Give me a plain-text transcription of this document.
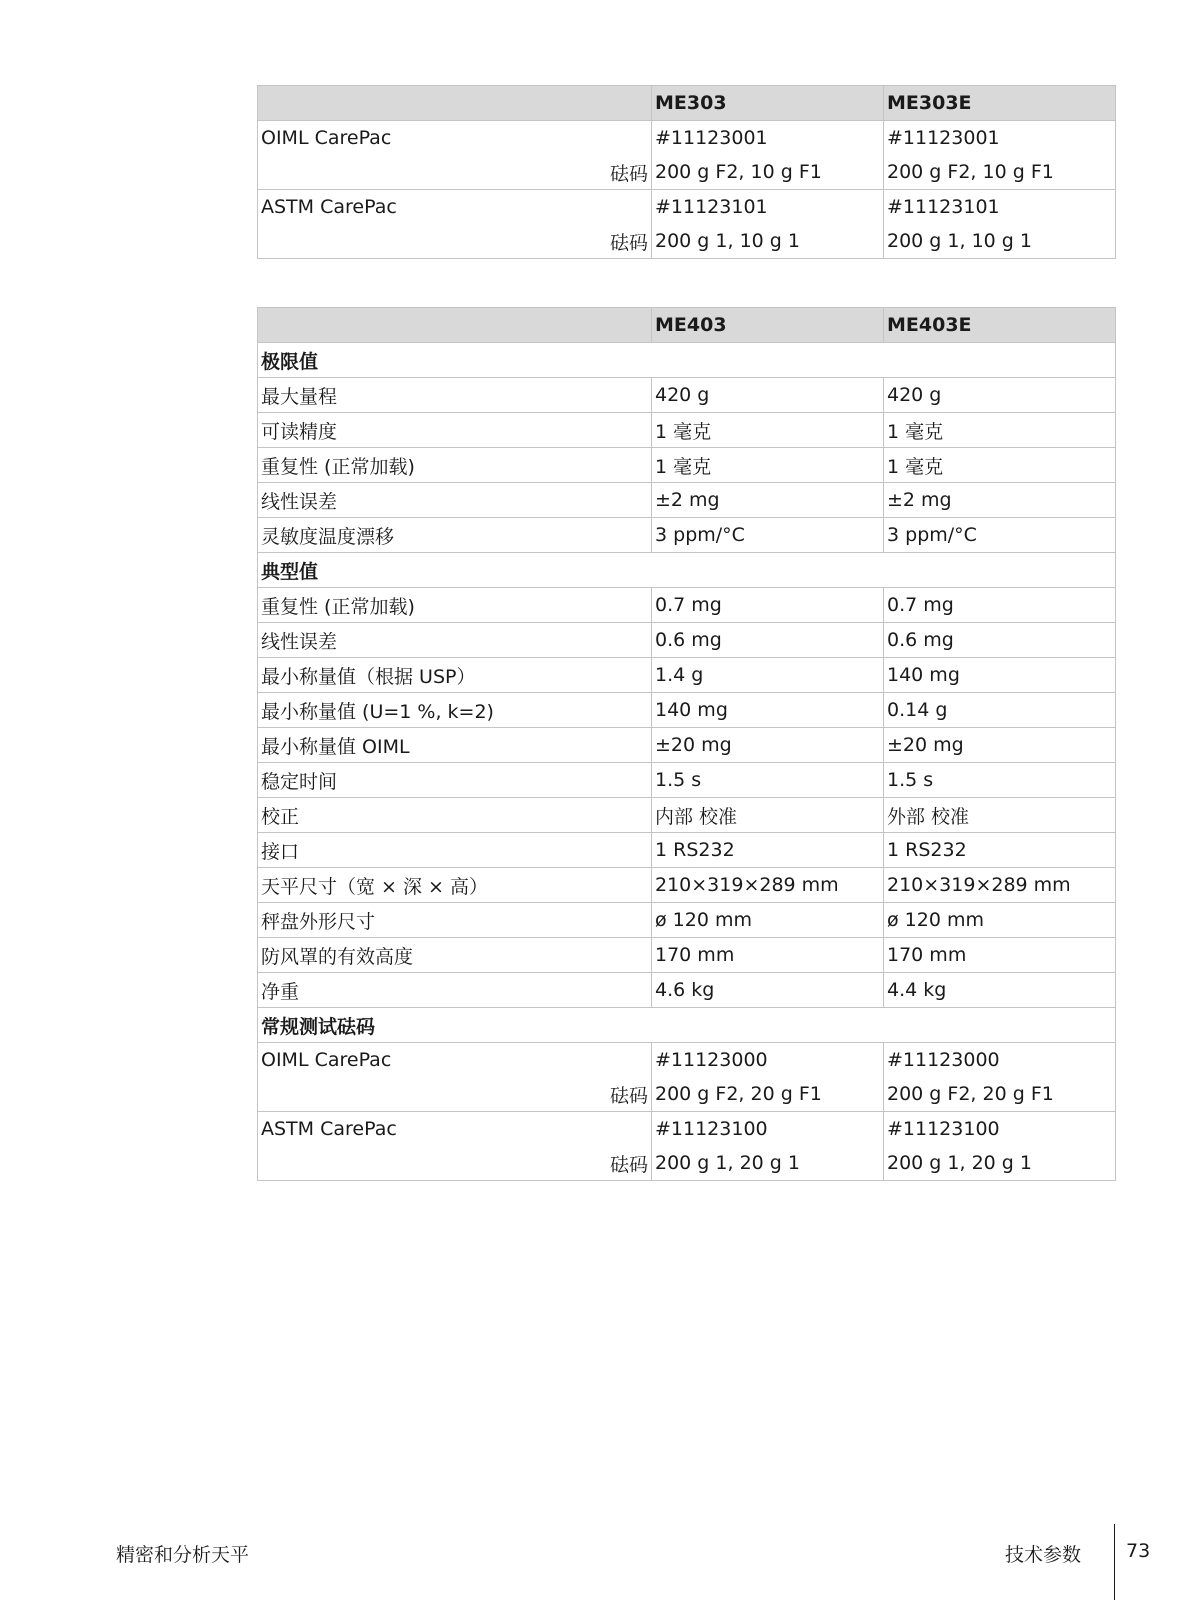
	ME303	ME303E
OIML CarePac	#11123001	#11123001
砝码	200 g F2, 10 g F1	200 g F2, 10 g F1
ASTM CarePac	#11123101	#11123101
砝码	200 g 1, 10 g 1	200 g 1, 10 g 1
	ME403	ME403E
极限值		
最大量程	420 g	420 g
可读精度	1 毫克	1 毫克
重复性 (正常加载)	1 毫克	1 毫克
线性误差	±2 mg	±2 mg
灵敏度温度漂移	3 ppm/°C	3 ppm/°C
典型值		
重复性 (正常加载)	0.7 mg	0.7 mg
线性误差	0.6 mg	0.6 mg
最小称量值（根据 USP）	1.4 g	140 mg
最小称量值 (U=1 %, k=2)	140 mg	0.14 g
最小称量值 OIML	±20 mg	±20 mg
稳定时间	1.5 s	1.5 s
校正	内部 校准	外部 校准
接口	1 RS232	1 RS232
天平尺寸（宽 × 深 × 高）	210×319×289 mm	210×319×289 mm
秤盘外形尺寸	ø 120 mm	ø 120 mm
防风罩的有效高度	170 mm	170 mm
净重	4.6 kg	4.4 kg
常规测试砝码		
OIML CarePac	#11123000	#11123000
砝码	200 g F2, 20 g F1	200 g F2, 20 g F1
ASTM CarePac	#11123100	#11123100
砝码	200 g 1, 20 g 1	200 g 1, 20 g 1
精密和分析天平	技术参数 73
